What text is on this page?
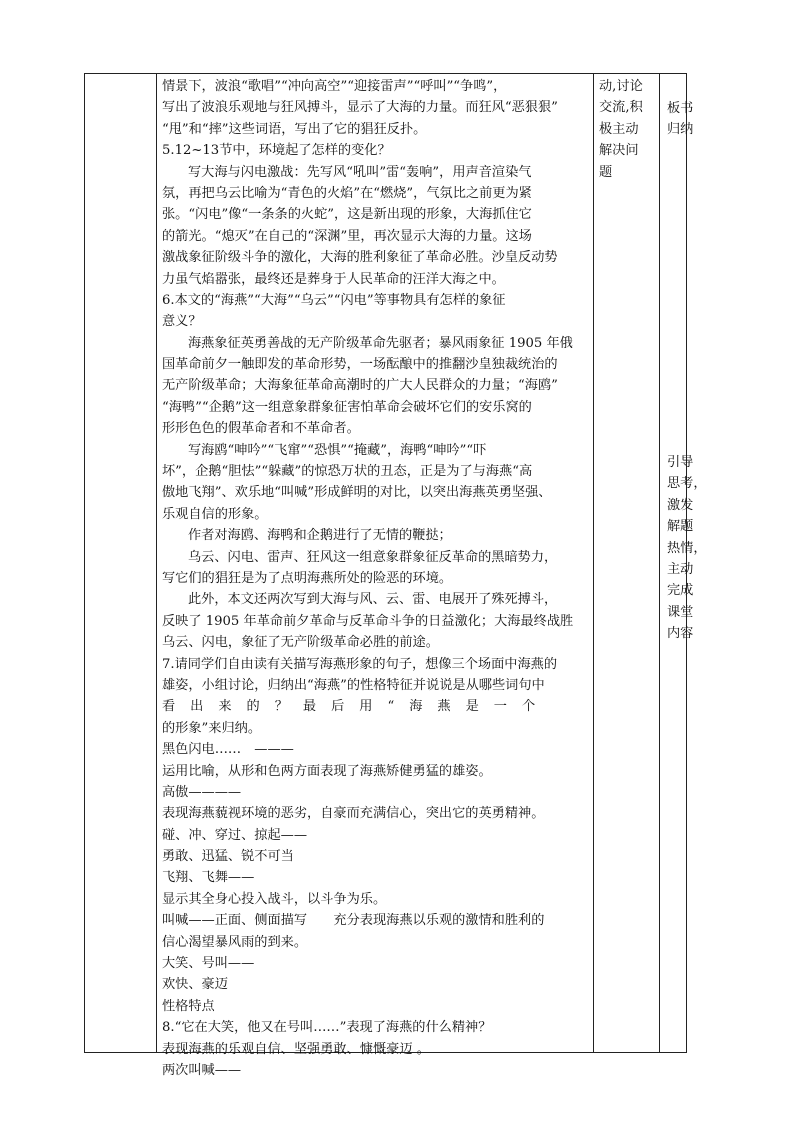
情景下，波浪“歌唱”“冲向高空”“迎接雷声”“呼叫”“争鸣”，
写出了波浪乐观地与狂风搏斗，显示了大海的力量。而狂风“恶狠狠”
“甩”和“摔”这些词语，写出了它的猖狂反扑。
5.12~13节中，环境起了怎样的变化？
写大海与闪电激战：先写风“吼叫”雷“轰响”，用声音渲染气
氛，再把乌云比喻为“青色的火焰”在“燃烧”，气氛比之前更为紧
张。“闪电”像“一条条的火蛇”，这是新出现的形象，大海抓住它
的箭光。“熄灭”在自己的“深渊”里，再次显示大海的力量。这场
激战象征阶级斗争的激化，大海的胜利象征了革命必胜。沙皇反动势
力虽气焰嚣张，最终还是葬身于人民革命的汪洋大海之中。
6.本文的“海燕”“大海”“乌云”“闪电”等事物具有怎样的象征
意义？
海燕象征英勇善战的无产阶级革命先驱者；暴风雨象征 1905 年俄
国革命前夕一触即发的革命形势，一场酝酿中的推翻沙皇独裁统治的
无产阶级革命；大海象征革命高潮时的广大人民群众的力量；“海鸥”
“海鸭”“企鹅”这一组意象群象征害怕革命会破坏它们的安乐窝的
形形色色的假革命者和不革命者。
写海鸥“呻吟”“飞窜”“恐惧”“掩藏”，海鸭“呻吟”“吓
坏”，企鹅“胆怯”“躲藏”的惊恐万状的丑态，正是为了与海燕“高
傲地飞翔”、欢乐地“叫喊”形成鲜明的对比，以突出海燕英勇坚强、
乐观自信的形象。
作者对海鸥、海鸭和企鹅进行了无情的鞭挞；
乌云、闪电、雷声、狂风这一组意象群象征反革命的黑暗势力，
写它们的猖狂是为了点明海燕所处的险恶的环境。
此外，本文还两次写到大海与风、云、雷、电展开了殊死搏斗，
反映了 1905 年革命前夕革命与反革命斗争的日益激化；大海最终战胜
乌云、闪电，象征了无产阶级革命必胜的前途。
7.请同学们自由读有关描写海燕形象的句子，想像三个场面中海燕的
雄姿，小组讨论，归纳出“海燕”的性格特征并说说是从哪些词句中
看出来的？最后用“海燕是一个
的形象”来归纳。
黑色闪电……　———
运用比喻，从形和色两方面表现了海燕矫健勇猛的雄姿。
高傲————
表现海燕藐视环境的恶劣，自豪而充满信心，突出它的英勇精神。
碰、冲、穿过、掠起——
勇敢、迅猛、锐不可当
飞翔、飞舞——
显示其全身心投入战斗，以斗争为乐。
叫喊——正面、侧面描写　　充分表现海燕以乐观的激情和胜利的
信心渴望暴风雨的到来。
大笑、号叫——
欢快、豪迈
性格特点
8.“它在大笑，他又在号叫……”表现了海燕的什么精神？
表现海燕的乐观自信、坚强勇敢、慷慨豪迈 。
两次叫喊——
动,讨论
交流,积
极主动
解决问
题
板书
归纳
引导
思考，
激发
解题
热情，
主动
完成
课堂
内容
